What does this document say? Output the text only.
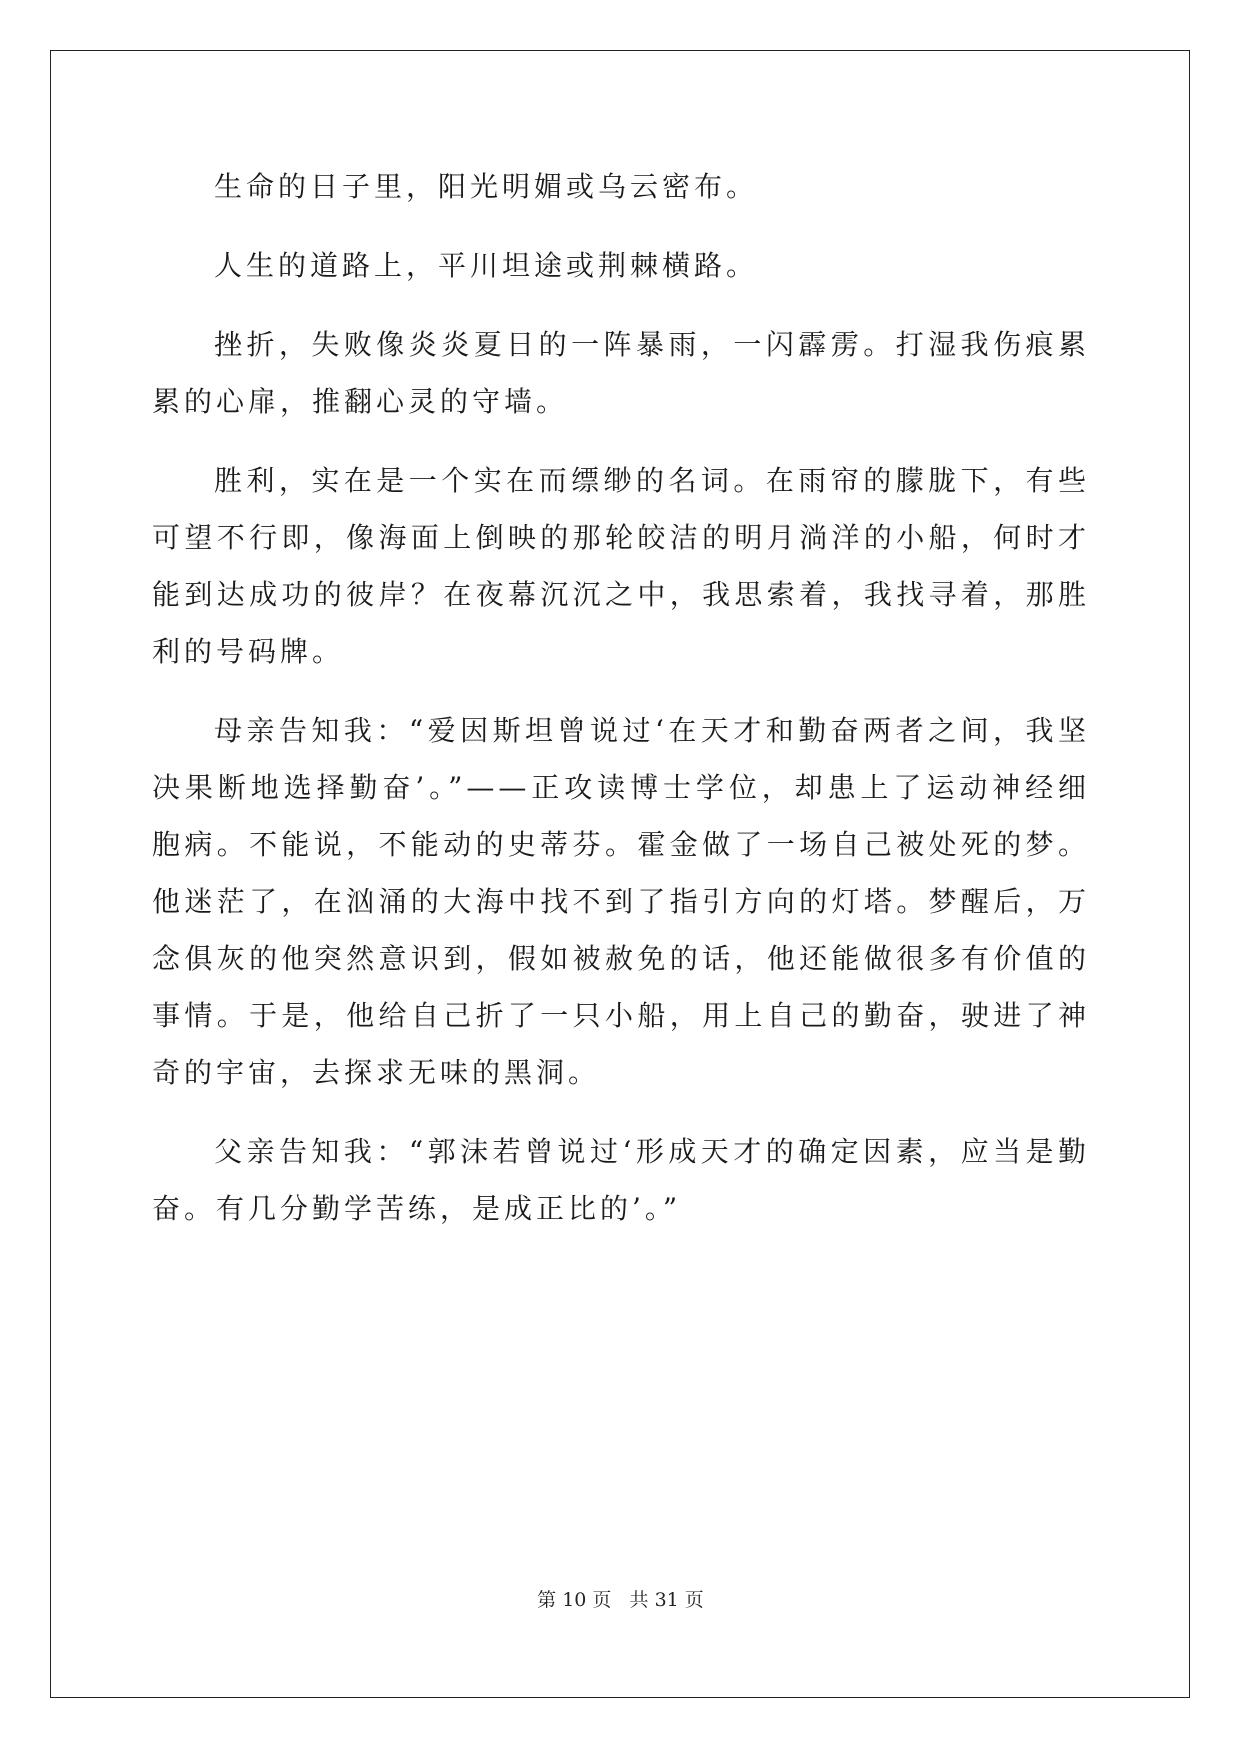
生命的日子里，阳光明媚或乌云密布。

人生的道路上，平川坦途或荆棘横路。

挫折，失败像炎炎夏日的一阵暴雨，一闪霹雳。打湿我伤痕累累的心扉，推翻心灵的守墙。

胜利，实在是一个实在而缥缈的名词。在雨帘的朦胧下，有些可望不行即，像海面上倒映的那轮皎洁的明月淌洋的小船，何时才能到达成功的彼岸？在夜幕沉沉之中，我思索着，我找寻着，那胜利的号码牌。

母亲告知我：“爱因斯坦曾说过‘在天才和勤奋两者之间，我坚决果断地选择勤奋’。”——正攻读博士学位，却患上了运动神经细胞病。不能说，不能动的史蒂芬。霍金做了一场自己被处死的梦。他迷茫了，在汹涌的大海中找不到了指引方向的灯塔。梦醒后，万念俱灰的他突然意识到，假如被赦免的话，他还能做很多有价值的事情。于是，他给自己折了一只小船，用上自己的勤奋，驶进了神奇的宇宙，去探求无味的黑洞。

父亲告知我：“郭沫若曾说过‘形成天才的确定因素，应当是勤奋。有几分勤学苦练，是成正比的’。”

第 10 页   共 31 页
